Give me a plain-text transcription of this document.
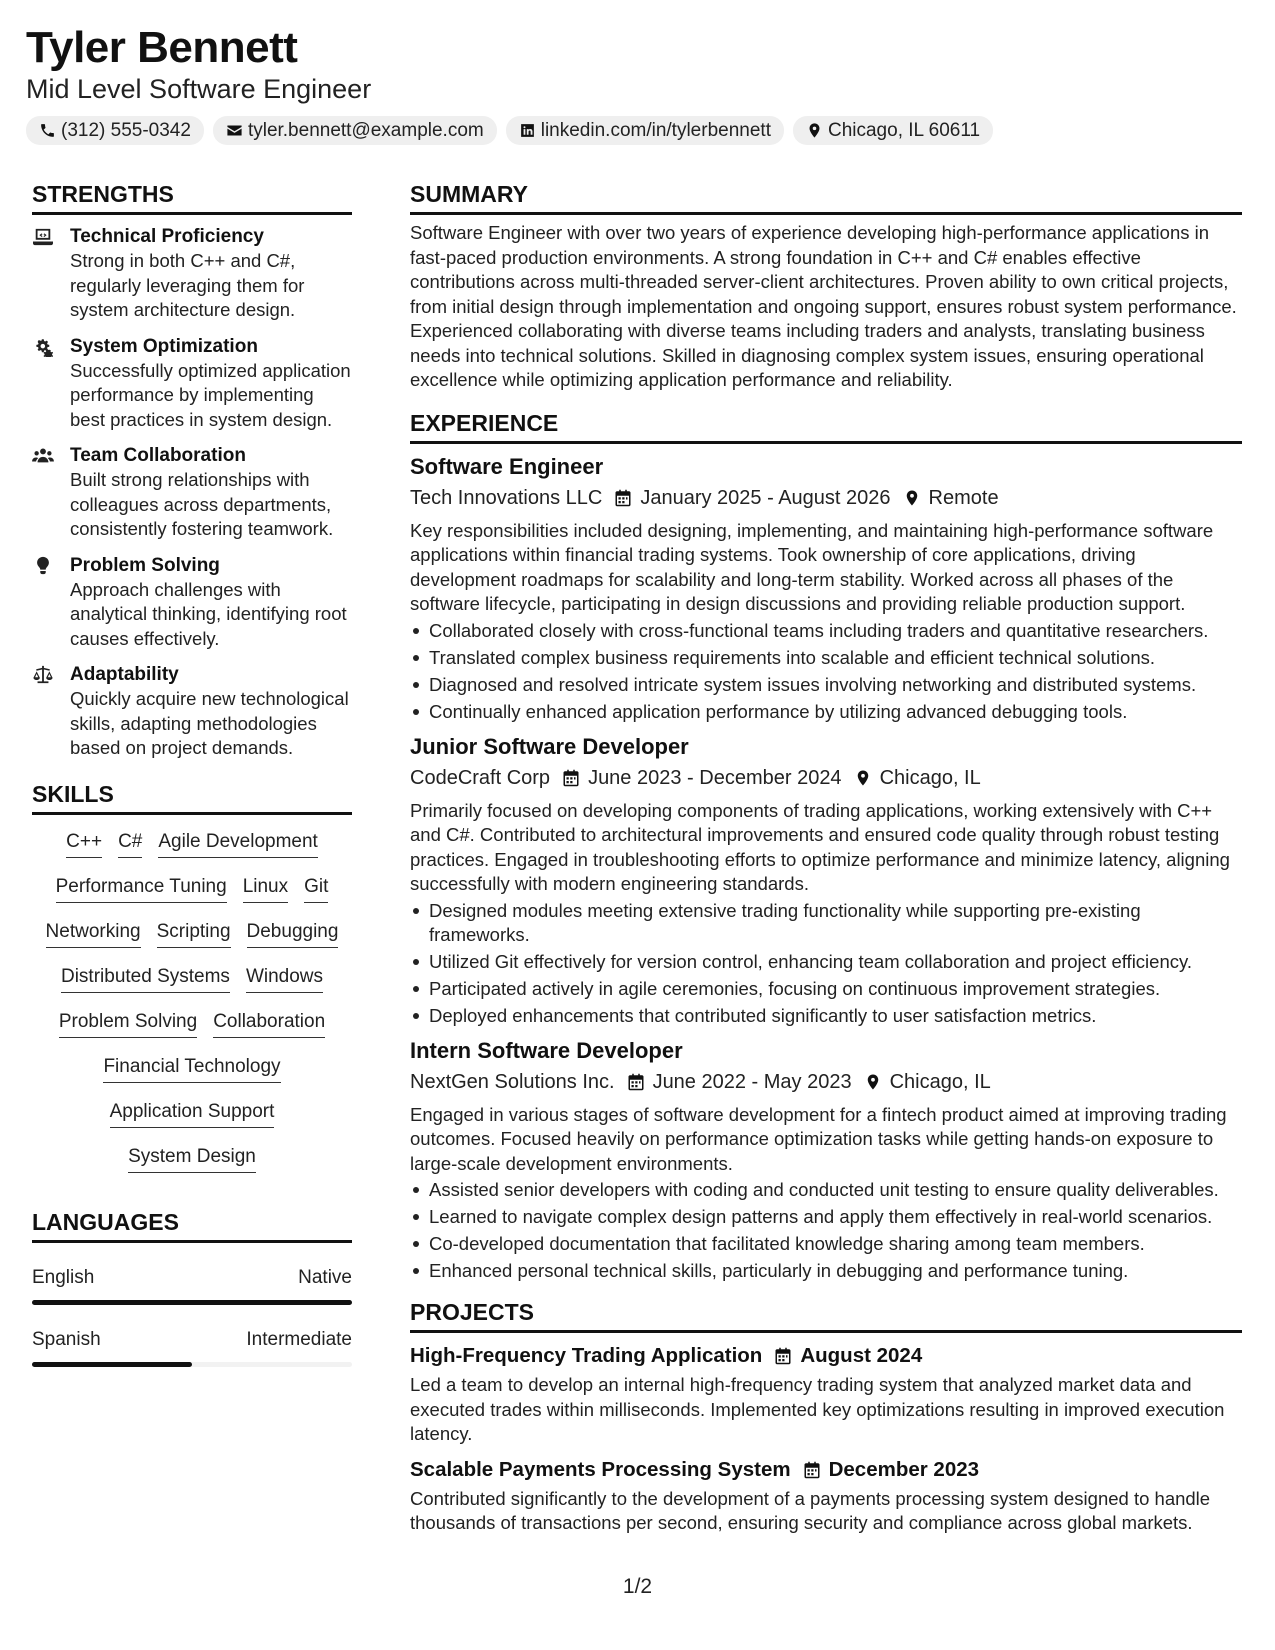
Tyler Bennett
Mid Level Software Engineer
(312) 555-0342	tyler.bennett@example.com	linkedin.com/in/tylerbennett	Chicago, IL 60611
STRENGTHS
Technical Proficiency
Strong in both C++ and C#, regularly leveraging them for system architecture design.
System Optimization
Successfully optimized application performance by implementing best practices in system design.
Team Collaboration
Built strong relationships with colleagues across departments, consistently fostering teamwork.
Problem Solving
Approach challenges with analytical thinking, identifying root causes effectively.
Adaptability
Quickly acquire new technological skills, adapting methodologies based on project demands.
SKILLS
C++ C# Agile Development
Performance Tuning Linux Git
Networking Scripting Debugging
Distributed Systems Windows
Problem Solving Collaboration
Financial Technology
Application Support
System Design
LANGUAGES
English	Native
Spanish	Intermediate
SUMMARY
Software Engineer with over two years of experience developing high-performance applications in fast-paced production environments. A strong foundation in C++ and C# enables effective contributions across multi-threaded server-client architectures. Proven ability to own critical projects, from initial design through implementation and ongoing support, ensures robust system performance. Experienced collaborating with diverse teams including traders and analysts, translating business needs into technical solutions. Skilled in diagnosing complex system issues, ensuring operational excellence while optimizing application performance and reliability.
EXPERIENCE
Software Engineer
Tech Innovations LLC January 2025 - August 2026 Remote
Key responsibilities included designing, implementing, and maintaining high-performance software applications within financial trading systems. Took ownership of core applications, driving development roadmaps for scalability and long-term stability. Worked across all phases of the software lifecycle, participating in design discussions and providing reliable production support.
Collaborated closely with cross-functional teams including traders and quantitative researchers.
Translated complex business requirements into scalable and efficient technical solutions.
Diagnosed and resolved intricate system issues involving networking and distributed systems.
Continually enhanced application performance by utilizing advanced debugging tools.
Junior Software Developer
CodeCraft Corp June 2023 - December 2024 Chicago, IL
Primarily focused on developing components of trading applications, working extensively with C++ and C#. Contributed to architectural improvements and ensured code quality through robust testing practices. Engaged in troubleshooting efforts to optimize performance and minimize latency, aligning successfully with modern engineering standards.
Designed modules meeting extensive trading functionality while supporting pre-existing frameworks.
Utilized Git effectively for version control, enhancing team collaboration and project efficiency.
Participated actively in agile ceremonies, focusing on continuous improvement strategies.
Deployed enhancements that contributed significantly to user satisfaction metrics.
Intern Software Developer
NextGen Solutions Inc. June 2022 - May 2023 Chicago, IL
Engaged in various stages of software development for a fintech product aimed at improving trading outcomes. Focused heavily on performance optimization tasks while getting hands-on exposure to large-scale development environments.
Assisted senior developers with coding and conducted unit testing to ensure quality deliverables.
Learned to navigate complex design patterns and apply them effectively in real-world scenarios.
Co-developed documentation that facilitated knowledge sharing among team members.
Enhanced personal technical skills, particularly in debugging and performance tuning.
PROJECTS
High-Frequency Trading Application August 2024
Led a team to develop an internal high-frequency trading system that analyzed market data and executed trades within milliseconds. Implemented key optimizations resulting in improved execution latency.
Scalable Payments Processing System December 2023
Contributed significantly to the development of a payments processing system designed to handle thousands of transactions per second, ensuring security and compliance across global markets.
1/2
